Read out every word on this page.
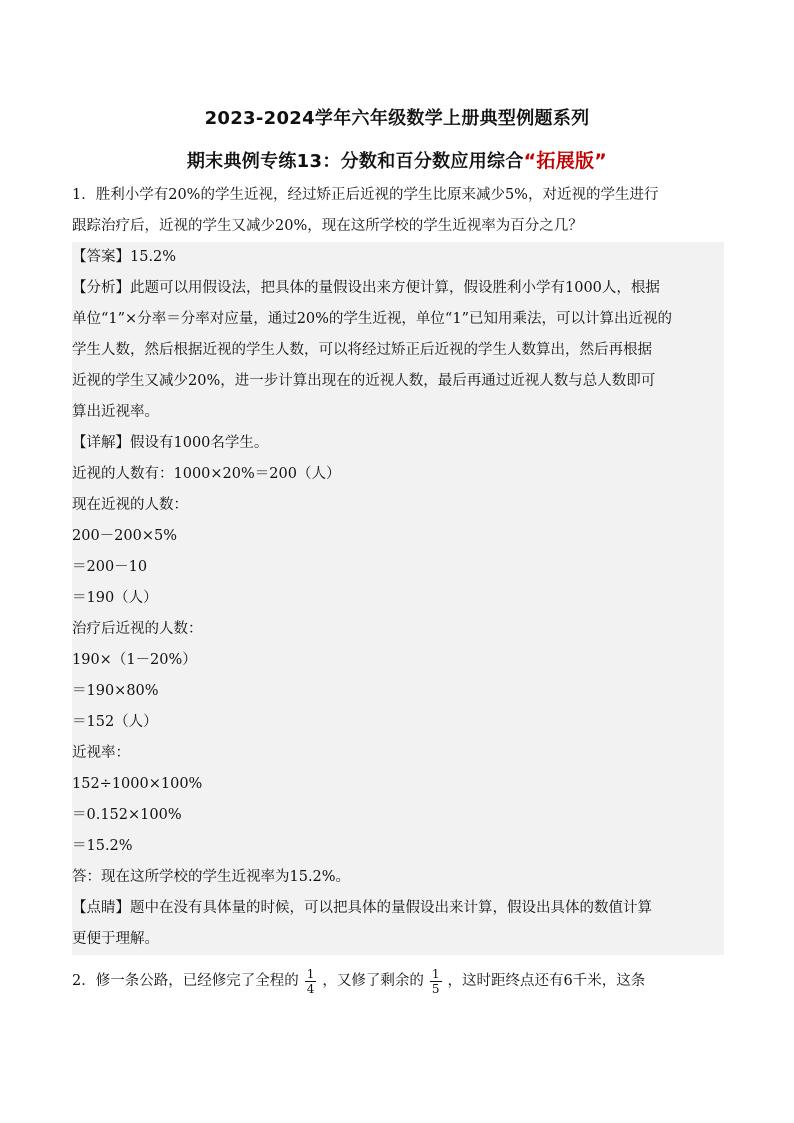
2023-2024学年六年级数学上册典型例题系列
期末典例专练13：分数和百分数应用综合“拓展版”
1．胜利小学有20%的学生近视，经过矫正后近视的学生比原来减少5%，对近视的学生进行
跟踪治疗后，近视的学生又减少20%，现在这所学校的学生近视率为百分之几？
【答案】15.2%
【分析】此题可以用假设法，把具体的量假设出来方便计算，假设胜利小学有1000人，根据
单位“1”×分率＝分率对应量，通过20%的学生近视，单位“1”已知用乘法，可以计算出近视的
学生人数，然后根据近视的学生人数，可以将经过矫正后近视的学生人数算出，然后再根据
近视的学生又减少20%，进一步计算出现在的近视人数，最后再通过近视人数与总人数即可
算出近视率。
【详解】假设有1000名学生。
近视的人数有：1000×20%＝200（人）
现在近视的人数：
200－200×5%
＝200－10
＝190（人）
治疗后近视的人数：
190×（1－20%）
＝190×80%
＝152（人）
近视率：
152÷1000×100%
＝0.152×100%
＝15.2%
答：现在这所学校的学生近视率为15.2%。
【点睛】题中在没有具体量的时候，可以把具体的量假设出来计算，假设出具体的数值计算
更便于理解。
2．修一条公路，已经修完了全程的 $\frac{1}{4}$ ，又修了剩余的 $\frac{1}{5}$ ，这时距终点还有6千米，这条
